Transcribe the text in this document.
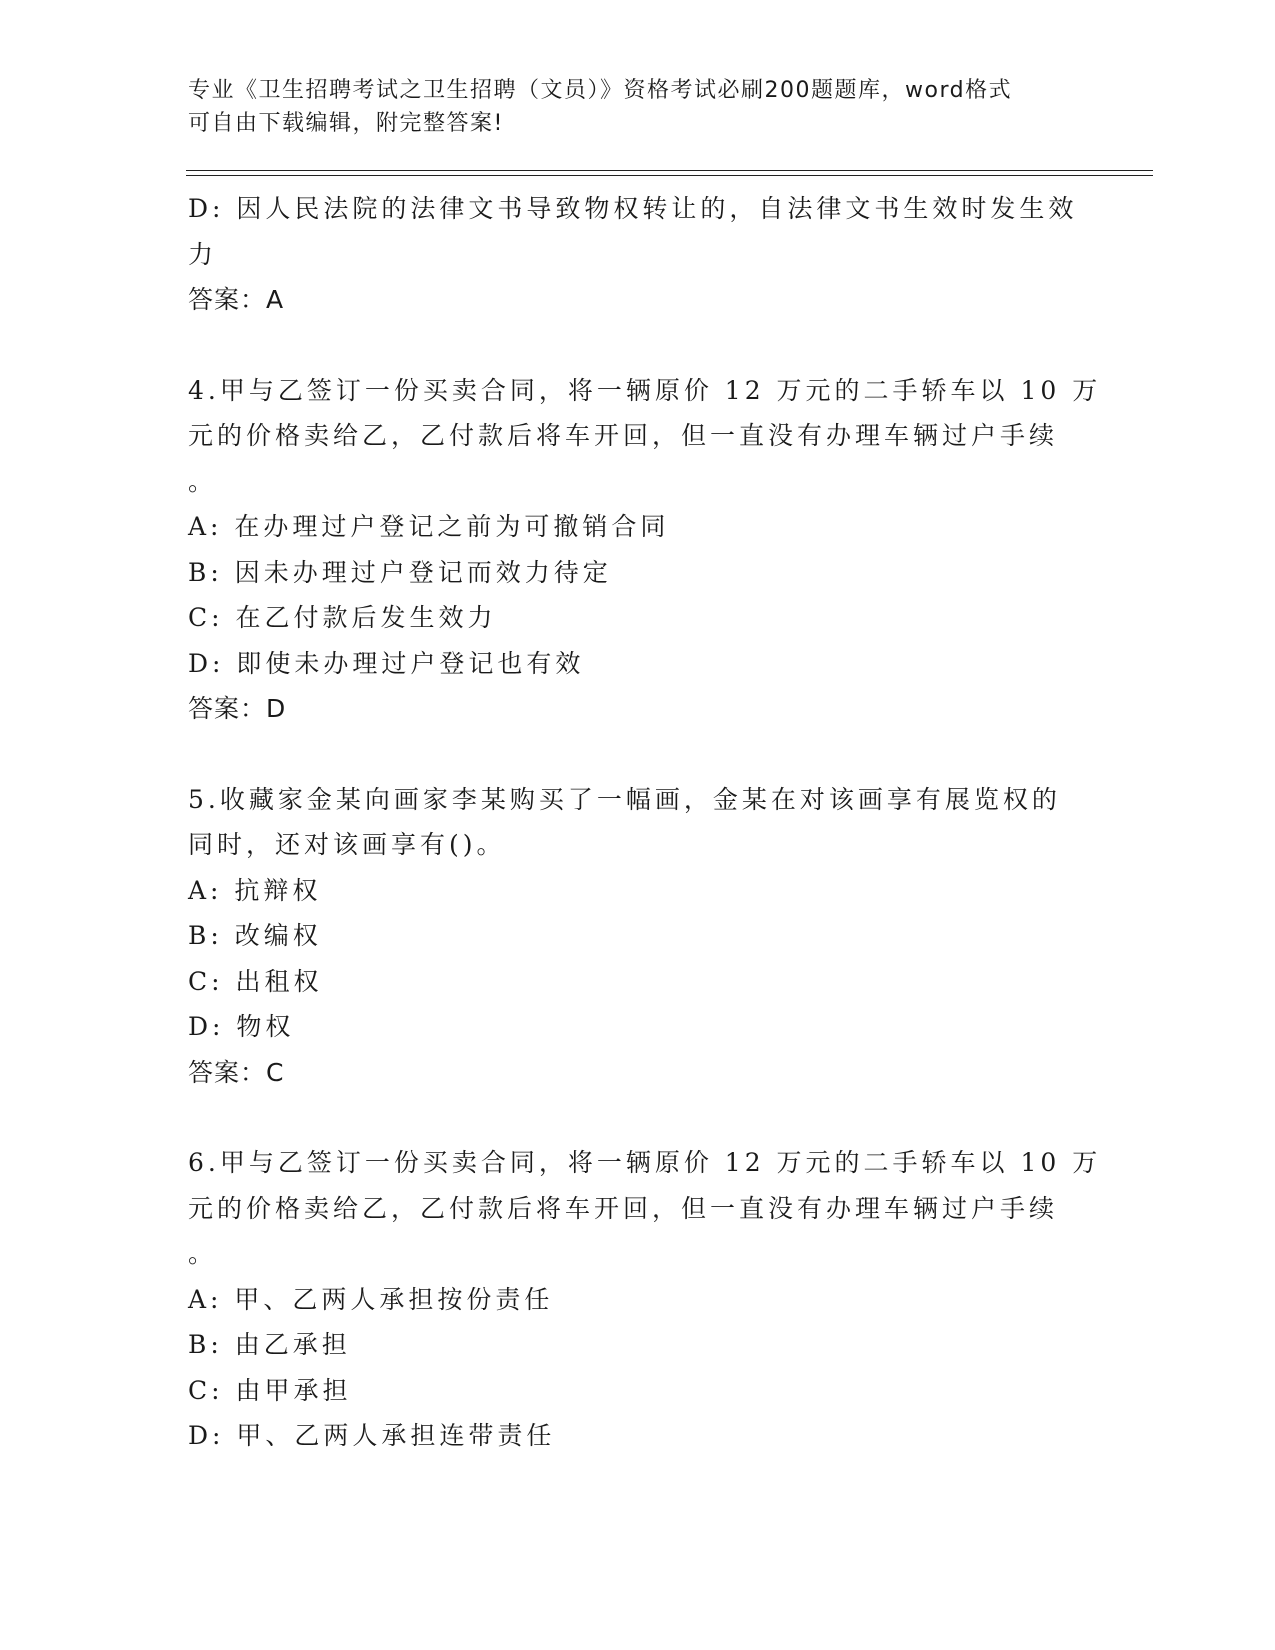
专业《卫生招聘考试之卫生招聘（文员）》资格考试必刷200题题库，word格式
可自由下载编辑，附完整答案!
D: 因人民法院的法律文书导致物权转让的，自法律文书生效时发生效
力
答案：A
4.甲与乙签订一份买卖合同，将一辆原价 12 万元的二手轿车以 10 万
元的价格卖给乙，乙付款后将车开回，但一直没有办理车辆过户手续
。
A: 在办理过户登记之前为可撤销合同
B: 因未办理过户登记而效力待定
C: 在乙付款后发生效力
D: 即使未办理过户登记也有效
答案：D
5.收藏家金某向画家李某购买了一幅画，金某在对该画享有展览权的
同时，还对该画享有()。
A: 抗辩权
B: 改编权
C: 出租权
D: 物权
答案：C
6.甲与乙签订一份买卖合同，将一辆原价 12 万元的二手轿车以 10 万
元的价格卖给乙，乙付款后将车开回，但一直没有办理车辆过户手续
。
A: 甲、乙两人承担按份责任
B: 由乙承担
C: 由甲承担
D: 甲、乙两人承担连带责任
